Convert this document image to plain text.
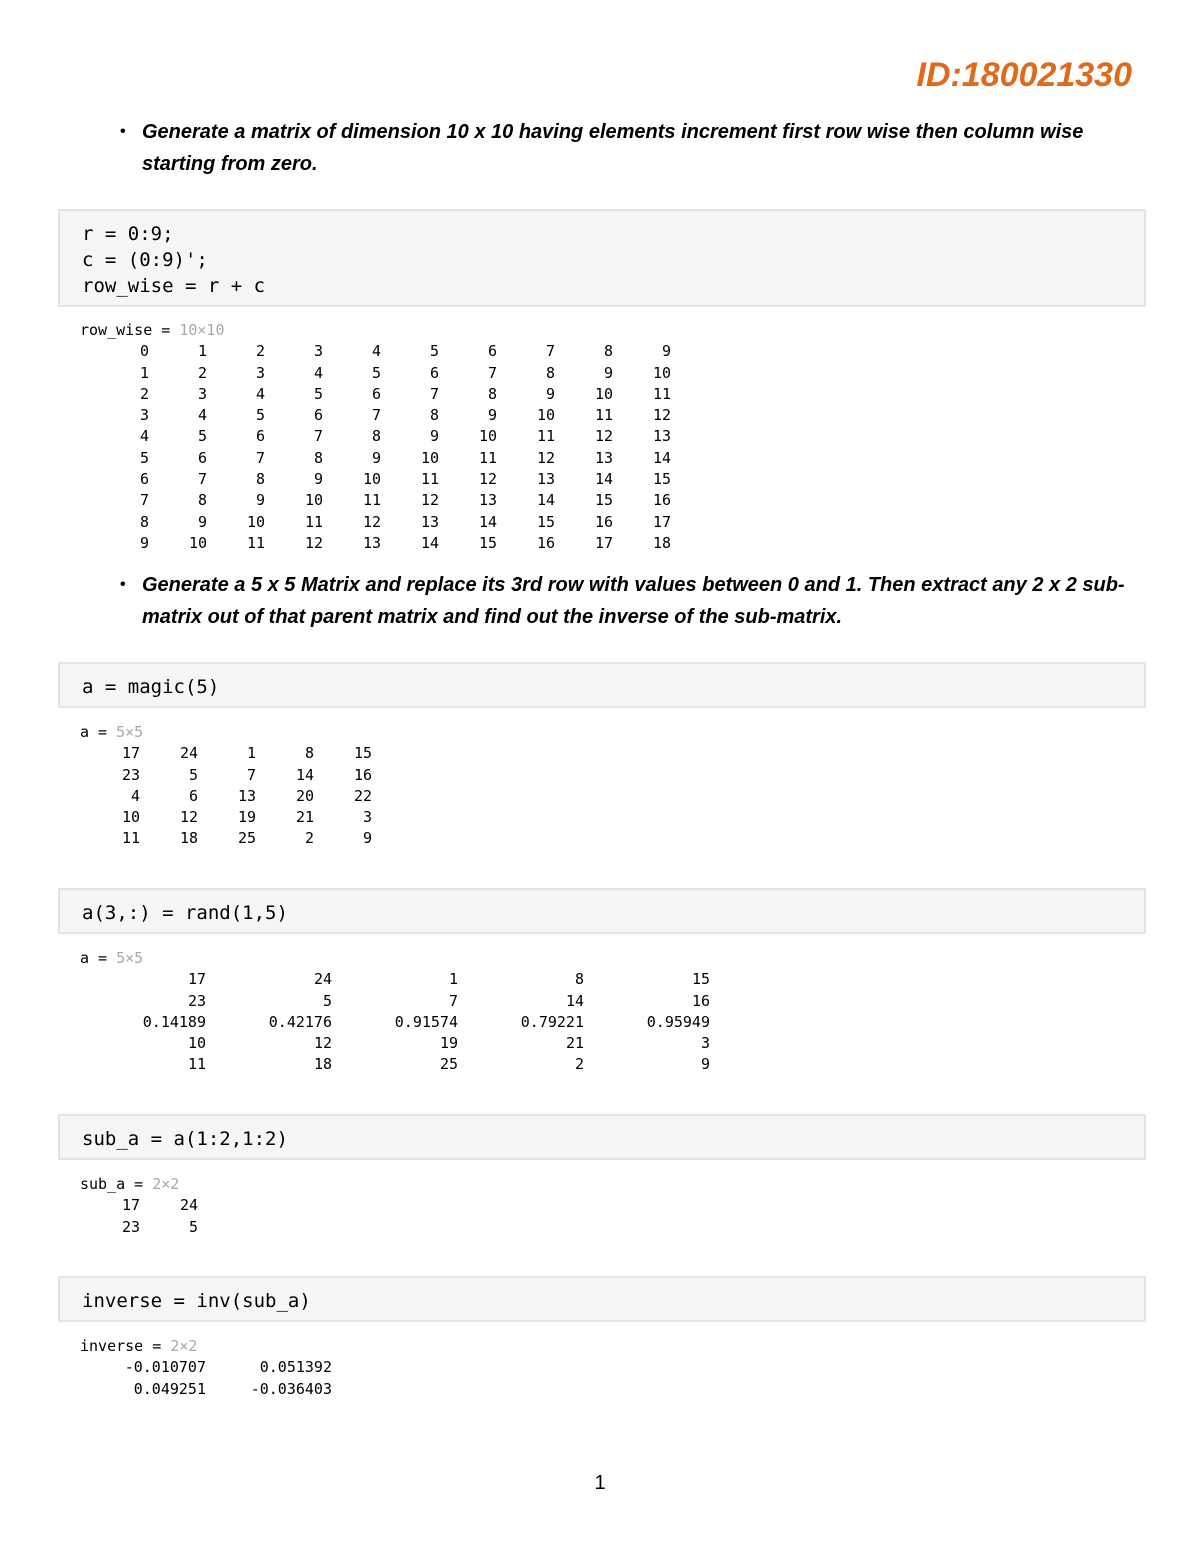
ID:180021330
• Generate a matrix of dimension 10 x 10 having elements increment first row wise then column wise starting from zero.
r = 0:9;
c = (0:9)';
row_wise = r + c
row_wise = 10×10
0	1	2	3	4	5	6	7	8	9
1	2	3	4	5	6	7	8	9	10
2	3	4	5	6	7	8	9	10	11
3	4	5	6	7	8	9	10	11	12
4	5	6	7	8	9	10	11	12	13
5	6	7	8	9	10	11	12	13	14
6	7	8	9	10	11	12	13	14	15
7	8	9	10	11	12	13	14	15	16
8	9	10	11	12	13	14	15	16	17
9	10	11	12	13	14	15	16	17	18
• Generate a 5 x 5 Matrix and replace its 3rd row with values between 0 and 1. Then extract any 2 x 2 sub-matrix out of that parent matrix and find out the inverse of the sub-matrix.
a = magic(5)
a = 5×5
17	24	1	8	15
23	5	7	14	16
4	6	13	20	22
10	12	19	21	3
11	18	25	2	9
a(3,:) = rand(1,5)
a = 5×5
17	24	1	8	15
23	5	7	14	16
0.14189	0.42176	0.91574	0.79221	0.95949
10	12	19	21	3
11	18	25	2	9
sub_a = a(1:2,1:2)
sub_a = 2×2
17	24
23	5
inverse = inv(sub_a)
inverse = 2×2
-0.010707	0.051392
0.049251	-0.036403
1
